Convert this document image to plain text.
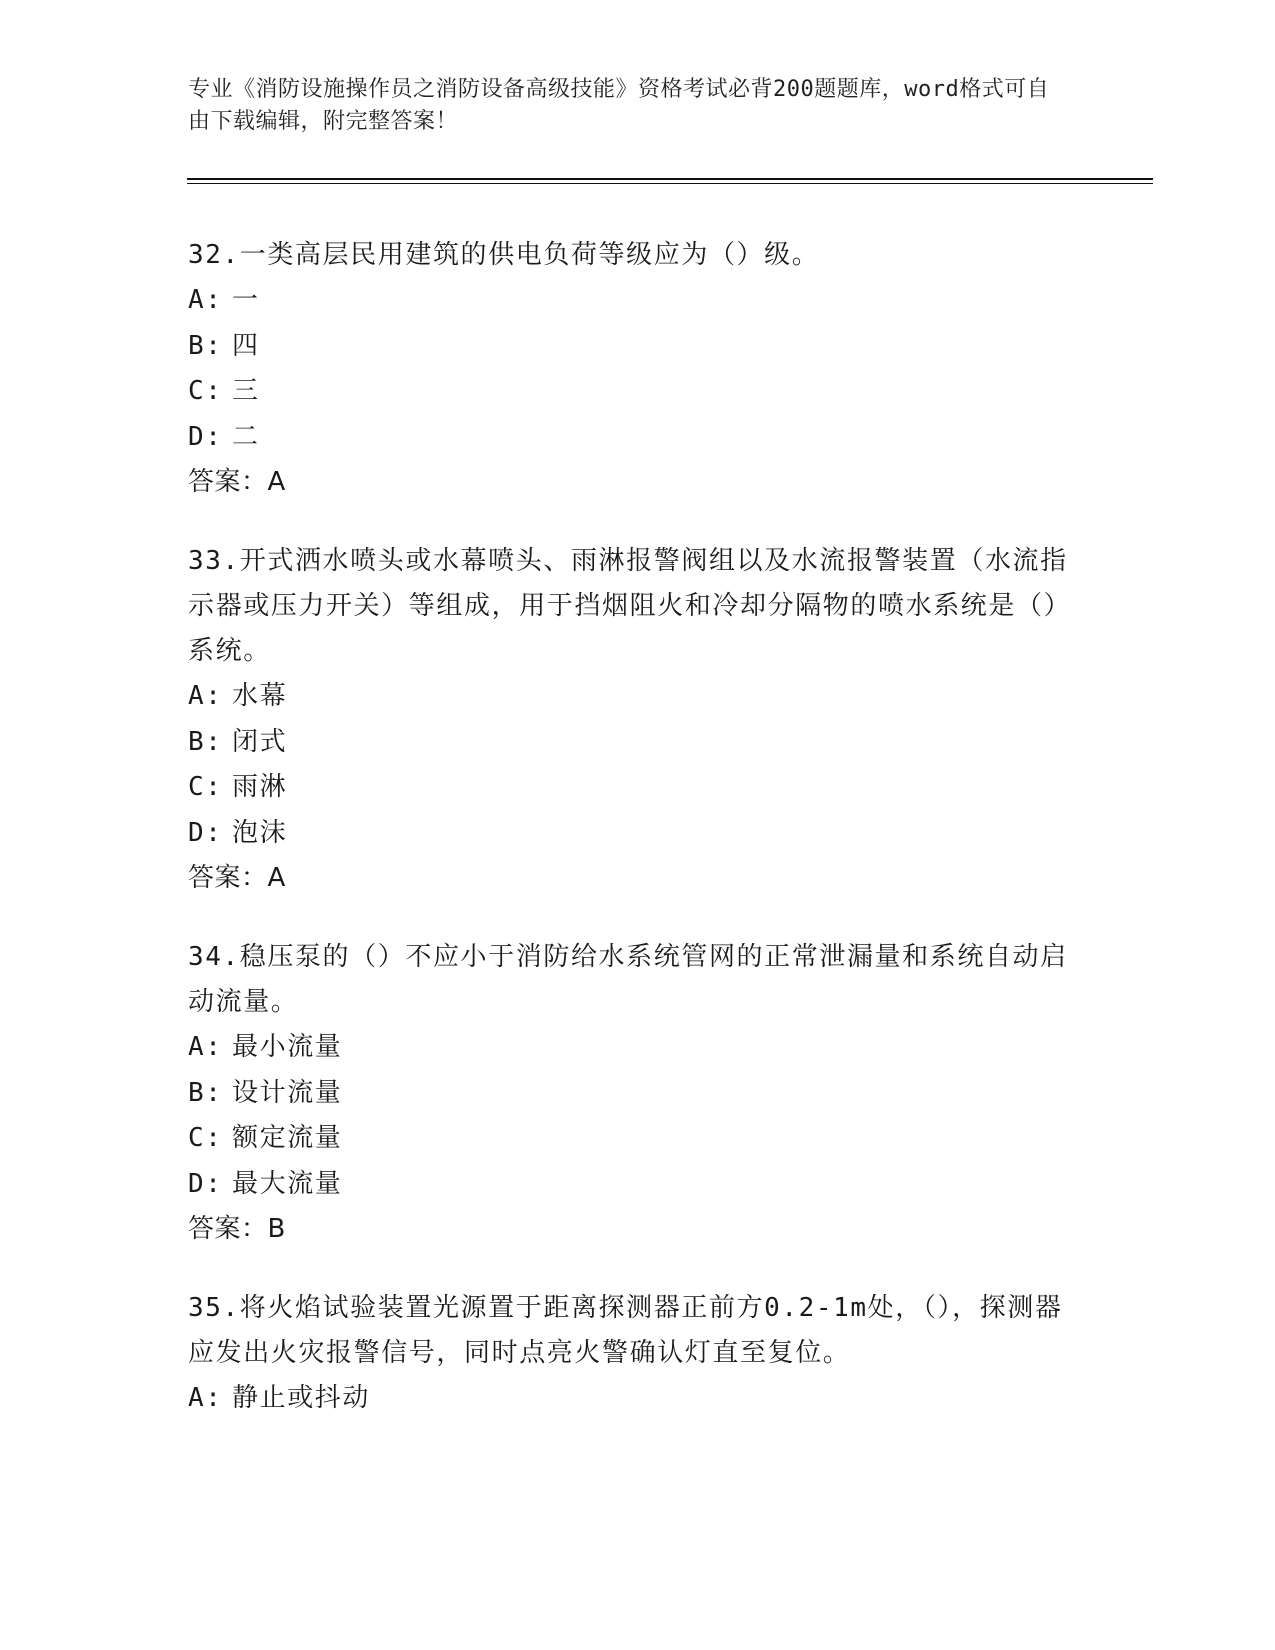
专业《消防设施操作员之消防设备高级技能》资格考试必背200题题库，word格式可自由下载编辑，附完整答案！

32.一类高层民用建筑的供电负荷等级应为（）级。

A: 一

B: 四

C: 三

D: 二

答案：A

33.开式洒水喷头或水幕喷头、雨淋报警阀组以及水流报警装置（水流指示器或压力开关）等组成，用于挡烟阻火和冷却分隔物的喷水系统是（）系统。

A: 水幕

B: 闭式

C: 雨淋

D: 泡沫

答案：A

34.稳压泵的（）不应小于消防给水系统管网的正常泄漏量和系统自动启动流量。

A: 最小流量

B: 设计流量

C: 额定流量

D: 最大流量

答案：B

35.将火焰试验装置光源置于距离探测器正前方0.2-1m处，（），探测器应发出火灾报警信号，同时点亮火警确认灯直至复位。

A: 静止或抖动
